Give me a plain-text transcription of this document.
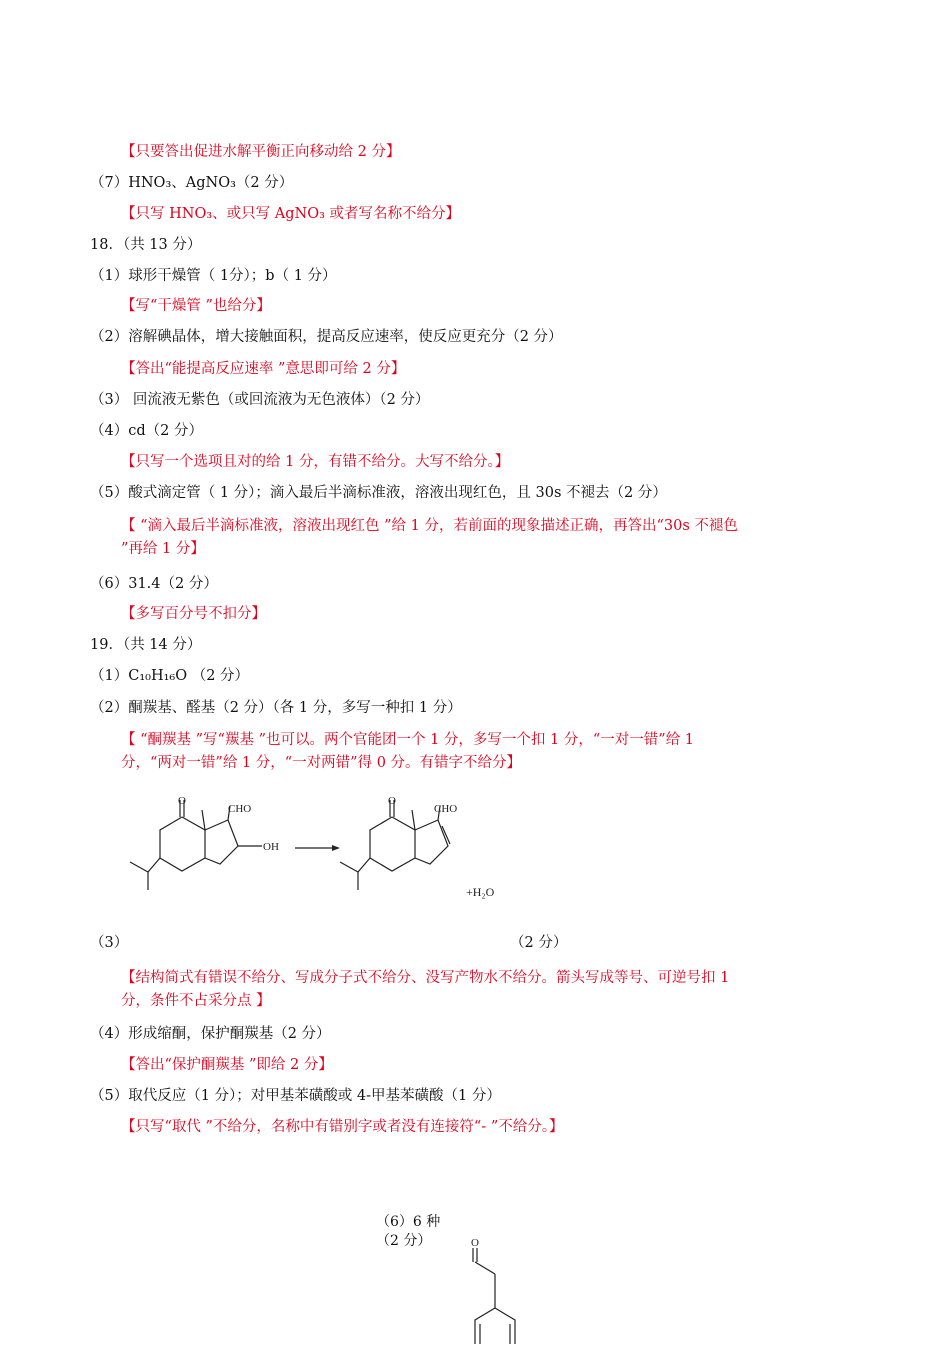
【只要答出促进水解平衡正向移动给 2 分】
（7）HNO₃、AgNO₃（2 分）
【只写 HNO₃、或只写 AgNO₃ 或者写名称不给分】
18．（共 13 分）
（1）球形干燥管（ 1分）；b（ 1 分）
【写“干燥管 ”也给分】
（2）溶解碘晶体，增大接触面积，提高反应速率，使反应更充分（2 分）
【答出“能提高反应速率 ”意思即可给 2 分】
（3） 回流液无紫色（或回流液为无色液体）（2 分）
（4）cd（2 分）
【只写一个选项且对的给 1 分，有错不给分。大写不给分。】
（5）酸式滴定管（ 1 分）；滴入最后半滴标准液，溶液出现红色，且 30s 不褪去（2 分）
【 “滴入最后半滴标准液，溶液出现红色 ”给 1 分，若前面的现象描述正确，再答出“30s 不褪色
”再给 1 分】
（6）31.4（2 分）
【多写百分号不扣分】
19．（共 14 分）
（1）C₁₀H₁₆O （2 分）
（2）酮羰基、醛基（2 分）（各 1 分，多写一种扣 1 分）
【 “酮羰基 ”写“羰基 ”也可以。两个官能团一个 1 分，多写一个扣 1 分，“一对一错”给 1
分，“两对一错”给 1 分，“一对两错”得 0 分。有错字不给分】
O
CHO
OH
O
CHO
+H₂O
（3）	（2 分）
【结构简式有错误不给分、写成分子式不给分、没写产物水不给分。箭头写成等号、可逆号扣 1
分，条件不占采分点 】
（4）形成缩酮，保护酮羰基（2 分）
【答出“保护酮羰基 ”即给 2 分】
（5）取代反应（1 分）；对甲基苯磺酸或 4-甲基苯磺酸（1 分）
【只写“取代 ”不给分，名称中有错别字或者没有连接符“- ”不给分。】
（6）6 种
（2 分）	O
